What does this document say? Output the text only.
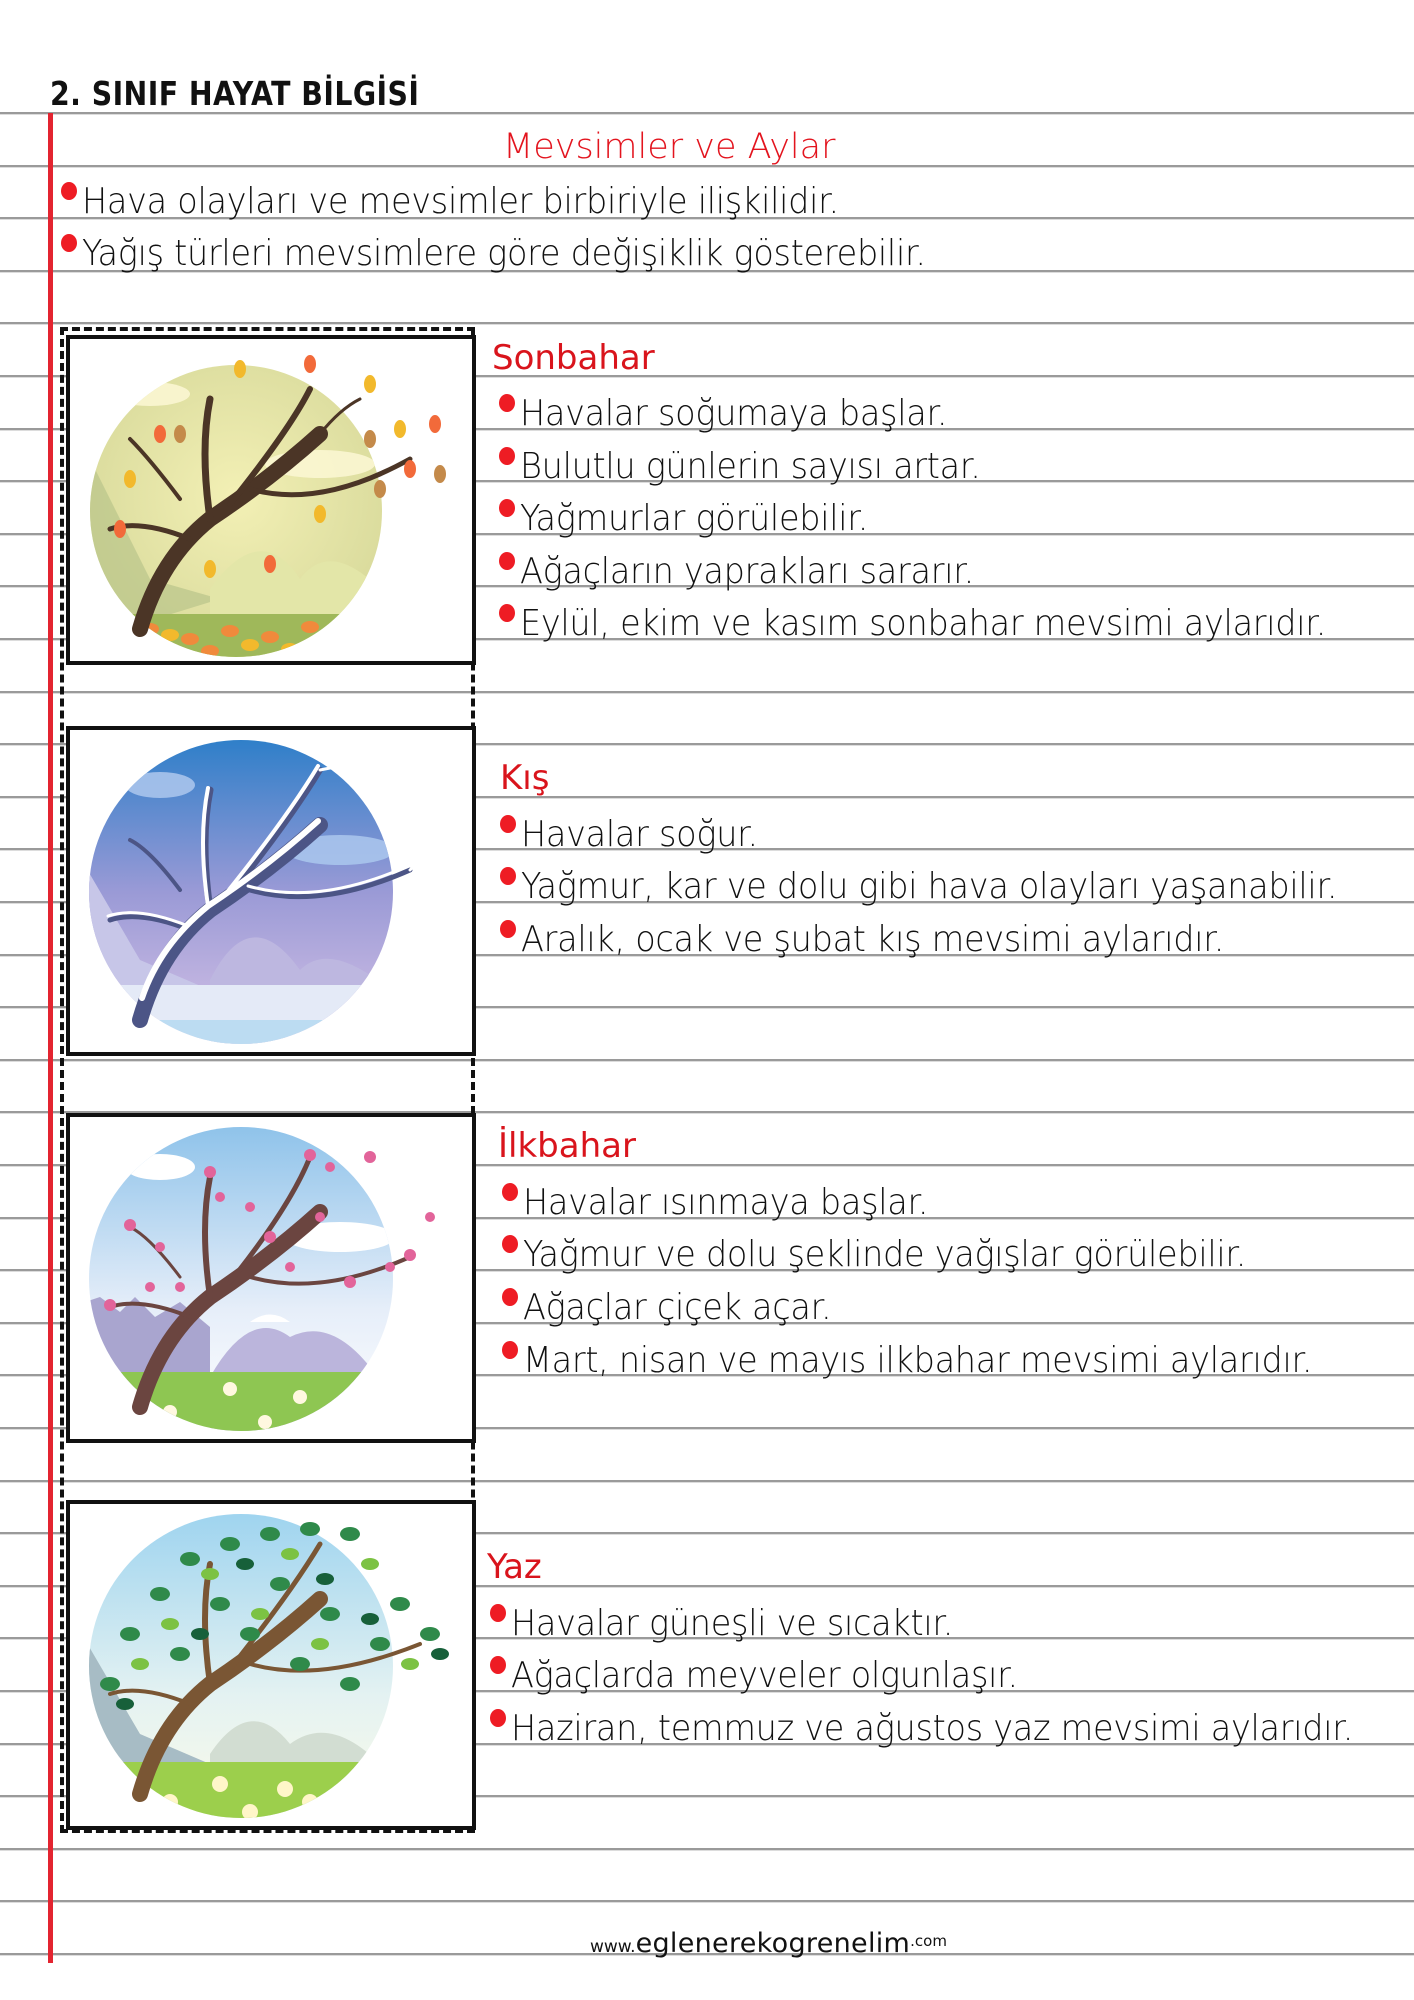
2. SINIF HAYAT BİLGİSİ
Mevsimler ve Aylar
Hava olayları ve mevsimler birbiriyle ilişkilidir.
Yağış türleri mevsimlere göre değişiklik gösterebilir.
Sonbahar
Havalar soğumaya başlar.
Bulutlu günlerin sayısı artar.
Yağmurlar görülebilir.
Ağaçların yaprakları sararır.
Eylül, ekim ve kasım sonbahar mevsimi aylarıdır.
Kış
Havalar soğur.
Yağmur, kar ve dolu gibi hava olayları yaşanabilir.
Aralık, ocak ve şubat kış mevsimi aylarıdır.
İlkbahar
Havalar ısınmaya başlar.
Yağmur ve dolu şeklinde yağışlar görülebilir.
Ağaçlar çiçek açar.
Mart, nisan ve mayıs ilkbahar mevsimi aylarıdır.
Yaz
Havalar güneşli ve sıcaktır.
Ağaçlarda meyveler olgunlaşır.
Haziran, temmuz ve ağustos yaz mevsimi aylarıdır.
www.eglenerekogrenelim.com
